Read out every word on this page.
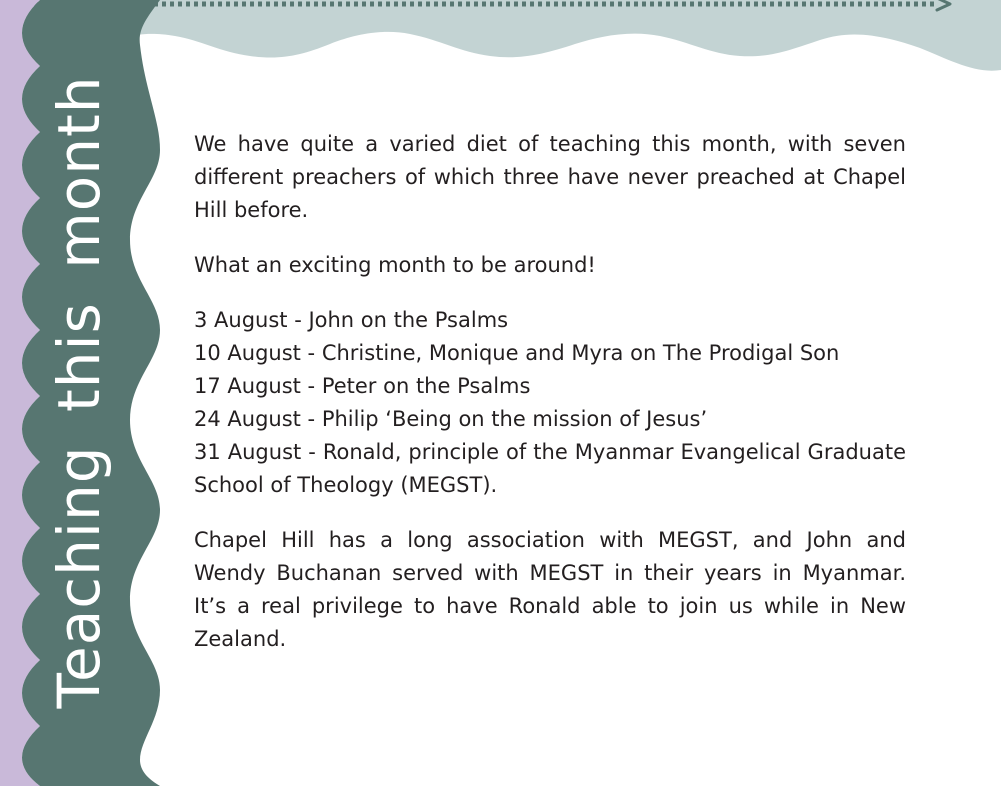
Teaching this month	We have quite a varied diet of teaching this month, with seven different preachers of which three have never preached at Chapel Hill before.

What an exciting month to be around!

3 August - John on the Psalms
10 August - Christine, Monique and Myra on The Prodigal Son
17 August - Peter on the Psalms
24 August - Philip ‘Being on the mission of Jesus’
31 August - Ronald, principle of the Myanmar Evangelical Graduate School of Theology (MEGST).

Chapel Hill has a long association with MEGST, and John and Wendy Buchanan served with MEGST in their years in Myanmar. It’s a real privilege to have Ronald able to join us while in New Zealand.
